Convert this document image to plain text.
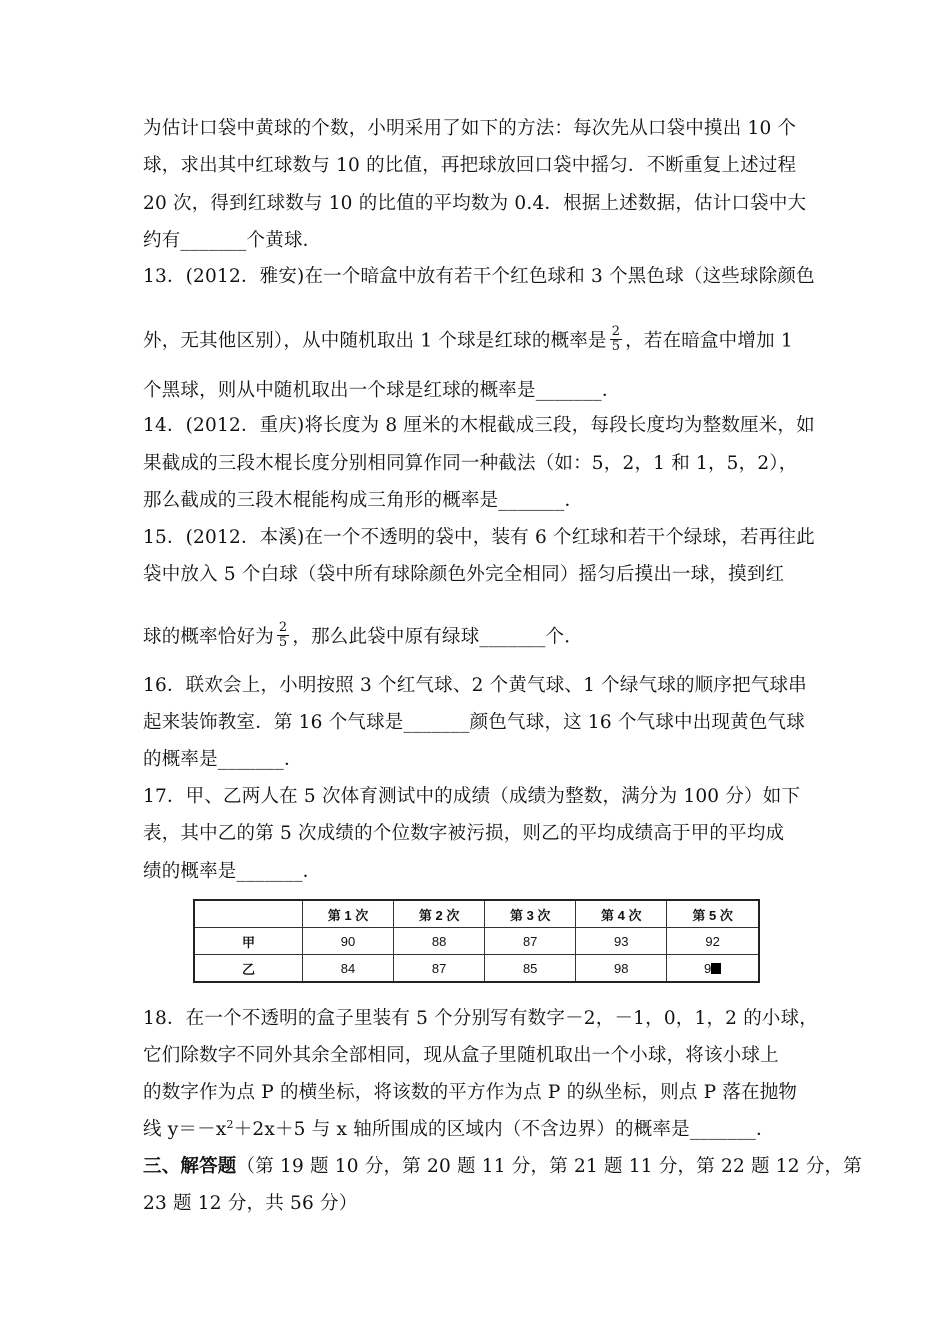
为估计口袋中黄球的个数，小明采用了如下的方法：每次先从口袋中摸出 10 个
球，求出其中红球数与 10 的比值，再把球放回口袋中摇匀．不断重复上述过程
20 次，得到红球数与 10 的比值的平均数为 0.4．根据上述数据，估计口袋中大
约有_______个黄球．
13．(2012．雅安)在一个暗盒中放有若干个红色球和 3 个黑色球（这些球除颜色
外，无其他区别），从中随机取出 1 个球是红球的概率是 $\frac{2}{5}$ ，若在暗盒中增加 1
个黑球，则从中随机取出一个球是红球的概率是_______．
14．(2012．重庆)将长度为 8 厘米的木棍截成三段，每段长度均为整数厘米，如
果截成的三段木棍长度分别相同算作同一种截法（如：5，2，1 和 1，5，2），
那么截成的三段木棍能构成三角形的概率是_______．
15．(2012．本溪)在一个不透明的袋中，装有 6 个红球和若干个绿球，若再往此
袋中放入 5 个白球（袋中所有球除颜色外完全相同）摇匀后摸出一球，摸到红
球的概率恰好为 $\frac{2}{5}$ ，那么此袋中原有绿球_______个．
16．联欢会上，小明按照 3 个红气球、2 个黄气球、1 个绿气球的顺序把气球串
起来装饰教室．第 16 个气球是_______颜色气球，这 16 个气球中出现黄色气球
的概率是_______．
17．甲、乙两人在 5 次体育测试中的成绩（成绩为整数，满分为 100 分）如下
表，其中乙的第 5 次成绩的个位数字被污损，则乙的平均成绩高于甲的平均成
绩的概率是_______．
	第 1 次	第 2 次	第 3 次	第 4 次	第 5 次
甲	90	88	87	93	92
乙	84	87	85	98	9
18．在一个不透明的盒子里装有 5 个分别写有数字－2，－1，0，1，2 的小球，
它们除数字不同外其余全部相同，现从盒子里随机取出一个小球，将该小球上
的数字作为点 P 的横坐标，将该数的平方作为点 P 的纵坐标，则点 P 落在抛物
线 $y=-x^2+2x+5$ 与 x 轴所围成的区域内（不含边界）的概率是_______．
三、解答题（第 19 题 10 分，第 20 题 11 分，第 21 题 11 分，第 22 题 12 分，第
23 题 12 分，共 56 分）
